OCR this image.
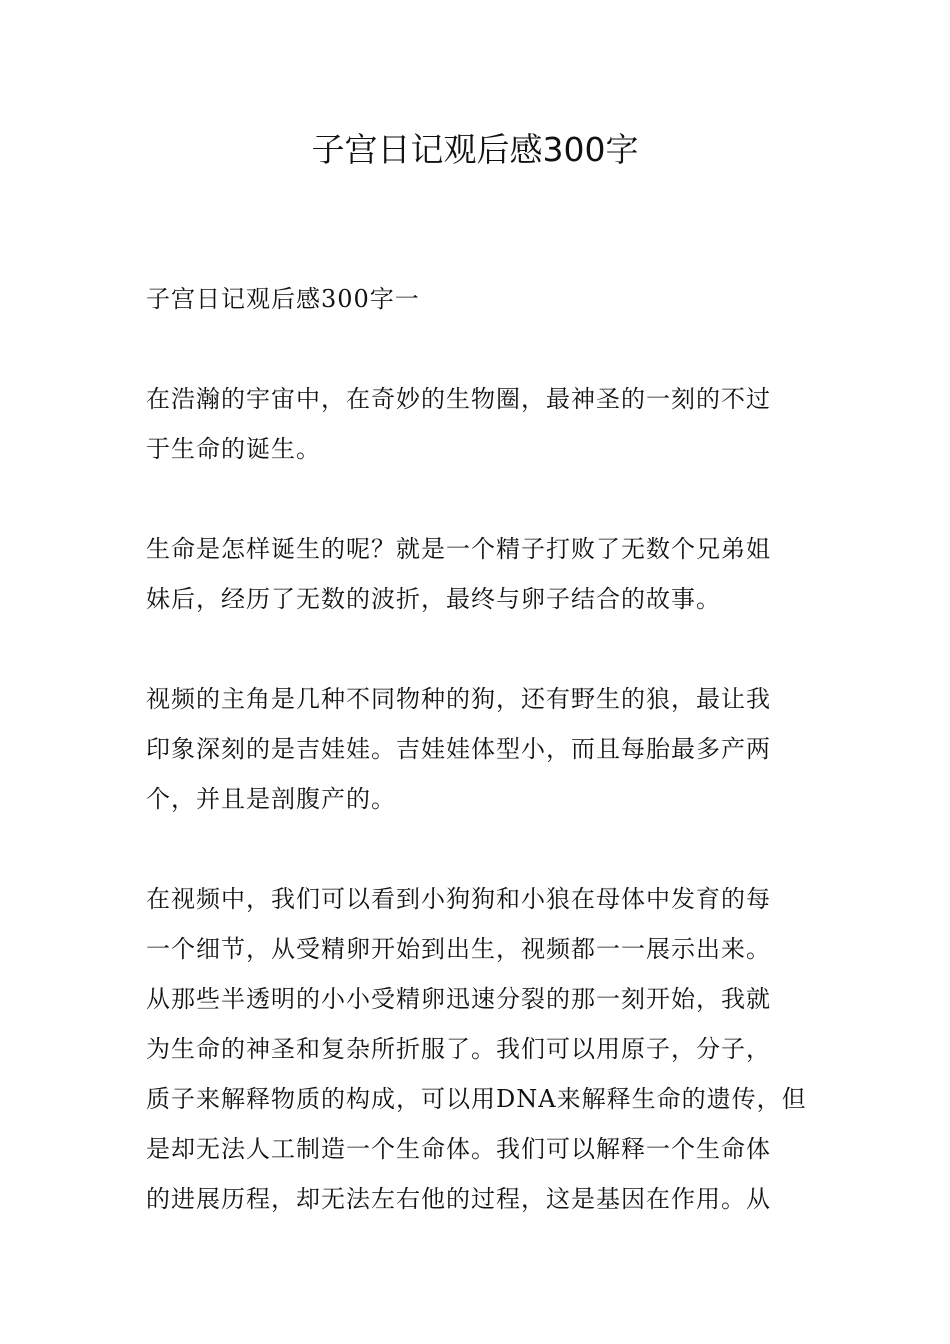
子宫日记观后感300字

子宫日记观后感300字一

在浩瀚的宇宙中，在奇妙的生物圈，最神圣的一刻的不过
于生命的诞生。

生命是怎样诞生的呢？就是一个精子打败了无数个兄弟姐
妹后，经历了无数的波折，最终与卵子结合的故事。

视频的主角是几种不同物种的狗，还有野生的狼，最让我
印象深刻的是吉娃娃。吉娃娃体型小，而且每胎最多产两
个，并且是剖腹产的。

在视频中，我们可以看到小狗狗和小狼在母体中发育的每
一个细节，从受精卵开始到出生，视频都一一展示出来。
从那些半透明的小小受精卵迅速分裂的那一刻开始，我就
为生命的神圣和复杂所折服了。我们可以用原子，分子，
质子来解释物质的构成，可以用DNA来解释生命的遗传，但
是却无法人工制造一个生命体。我们可以解释一个生命体
的进展历程，却无法左右他的过程，这是基因在作用。从
